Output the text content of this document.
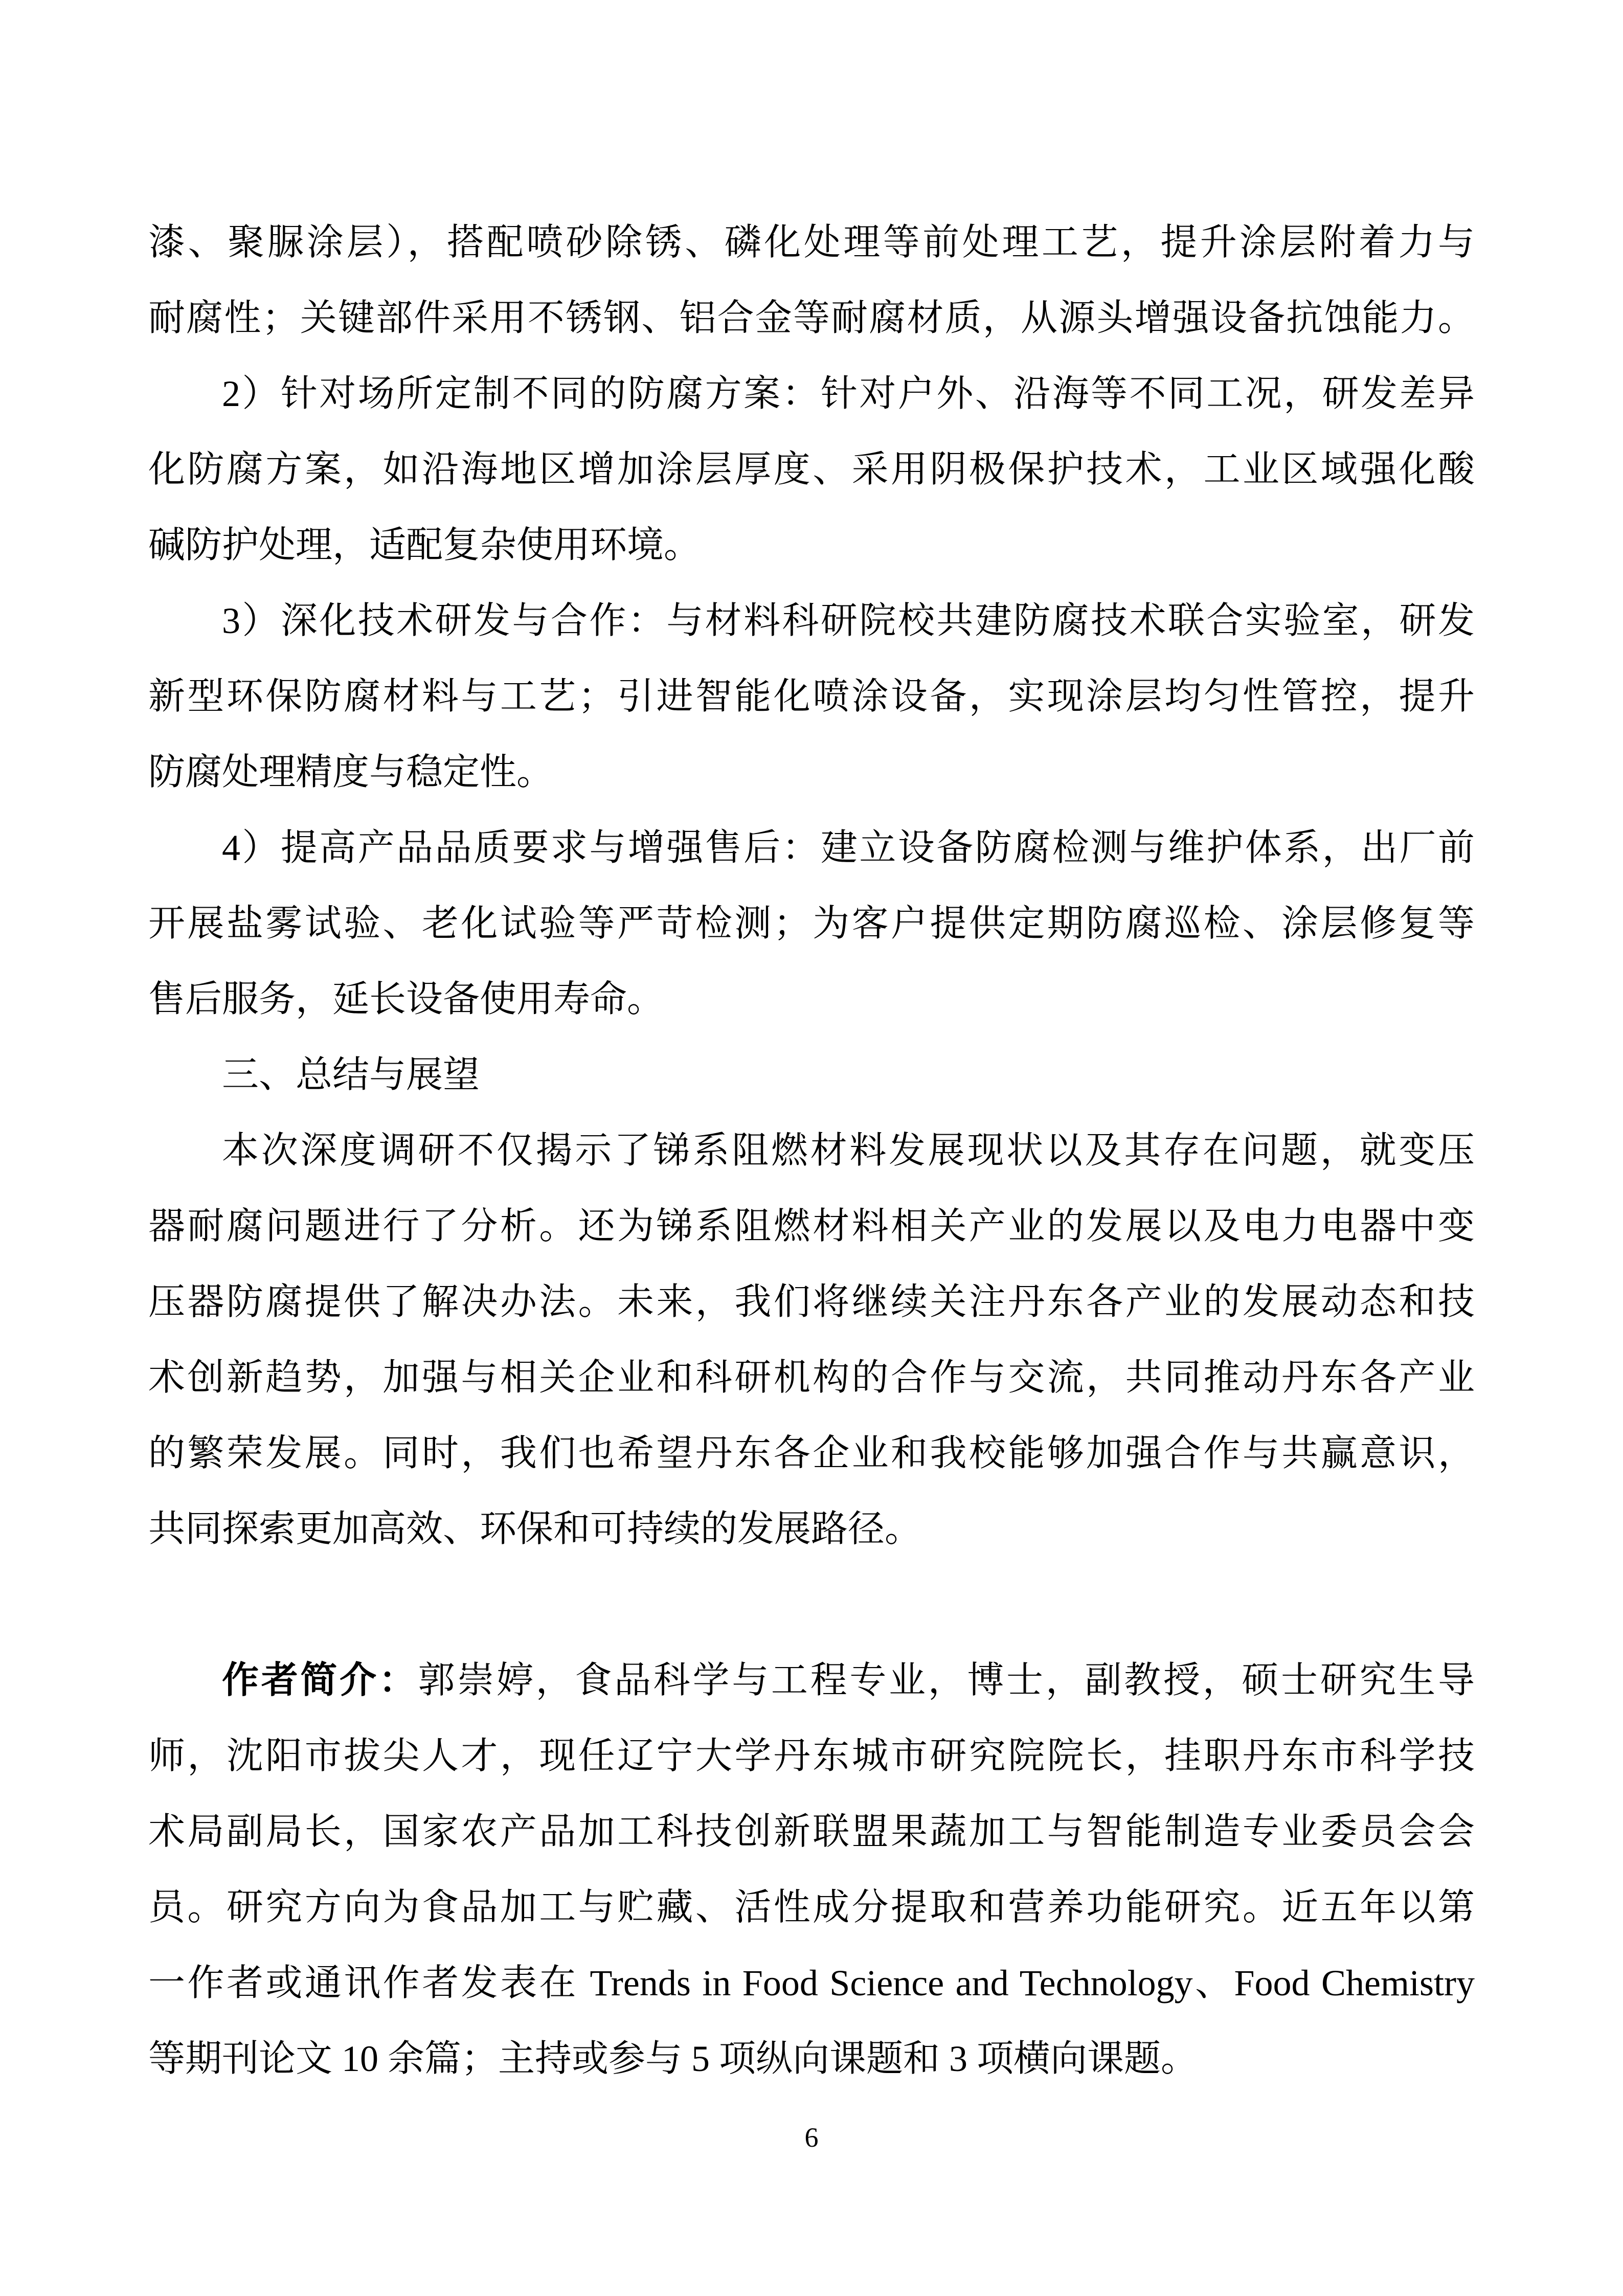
漆、聚脲涂层），搭配喷砂除锈、磷化处理等前处理工艺，提升涂层附着力与
耐腐性；关键部件采用不锈钢、铝合金等耐腐材质，从源头增强设备抗蚀能力。
2）针对场所定制不同的防腐方案：针对户外、沿海等不同工况，研发差异
化防腐方案，如沿海地区增加涂层厚度、采用阴极保护技术，工业区域强化酸
碱防护处理，适配复杂使用环境。
3）深化技术研发与合作：与材料科研院校共建防腐技术联合实验室，研发
新型环保防腐材料与工艺；引进智能化喷涂设备，实现涂层均匀性管控，提升
防腐处理精度与稳定性。
4）提高产品品质要求与增强售后：建立设备防腐检测与维护体系，出厂前
开展盐雾试验、老化试验等严苛检测；为客户提供定期防腐巡检、涂层修复等
售后服务，延长设备使用寿命。
三、总结与展望
本次深度调研不仅揭示了锑系阻燃材料发展现状以及其存在问题，就变压
器耐腐问题进行了分析。还为锑系阻燃材料相关产业的发展以及电力电器中变
压器防腐提供了解决办法。未来，我们将继续关注丹东各产业的发展动态和技
术创新趋势，加强与相关企业和科研机构的合作与交流，共同推动丹东各产业
的繁荣发展。同时，我们也希望丹东各企业和我校能够加强合作与共赢意识，
共同探索更加高效、环保和可持续的发展路径。
作者简介：郭崇婷，食品科学与工程专业，博士，副教授，硕士研究生导
师，沈阳市拔尖人才，现任辽宁大学丹东城市研究院院长，挂职丹东市科学技
术局副局长，国家农产品加工科技创新联盟果蔬加工与智能制造专业委员会会
员。研究方向为食品加工与贮藏、活性成分提取和营养功能研究。近五年以第
一作者或通讯作者发表在 Trends in Food Science and Technology、Food Chemistry
等期刊论文 10 余篇；主持或参与 5 项纵向课题和 3 项横向课题。
6
